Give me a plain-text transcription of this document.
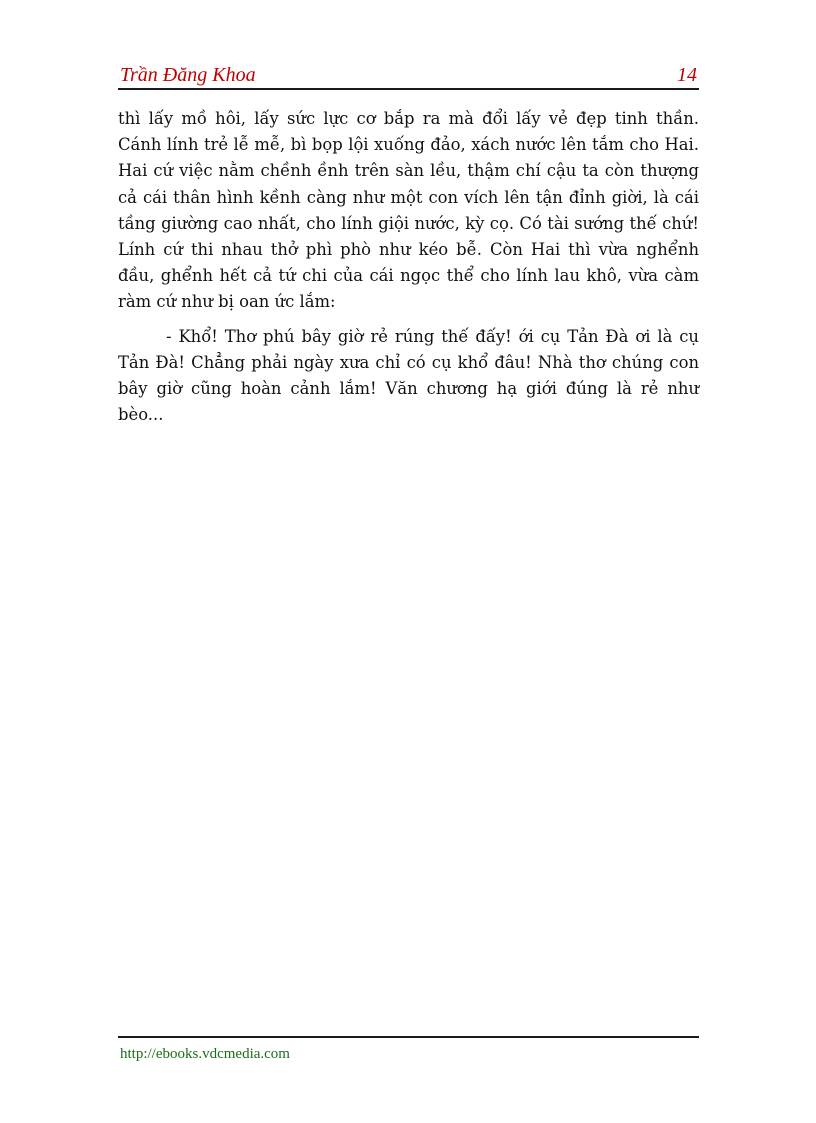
Trần Đăng Khoa	14

thì lấy mồ hôi, lấy sức lực cơ bắp ra mà đổi lấy vẻ đẹp tinh thần. Cánh lính trẻ lễ mễ, bì bọp lội xuống đảo, xách nước lên tắm cho Hai. Hai cứ việc nằm chềnh ềnh trên sàn lều, thậm chí cậu ta còn thượng cả cái thân hình kềnh càng như một con vích lên tận đỉnh giời, là cái tầng giường cao nhất, cho lính giội nước, kỳ cọ. Có tài sướng thế chứ! Lính cứ thi nhau thở phì phò như kéo bễ. Còn Hai thì vừa nghểnh đầu, ghểnh hết cả tứ chi của cái ngọc thể cho lính lau khô, vừa càm ràm cứ như bị oan ức lắm:

- Khổ! Thơ phú bây giờ rẻ rúng thế đấy! ới cụ Tản Đà ơi là cụ Tản Đà! Chẳng phải ngày xưa chỉ có cụ khổ đâu! Nhà thơ chúng con bây giờ cũng hoàn cảnh lắm! Văn chương hạ giới đúng là rẻ như bèo...

http://ebooks.vdcmedia.com
